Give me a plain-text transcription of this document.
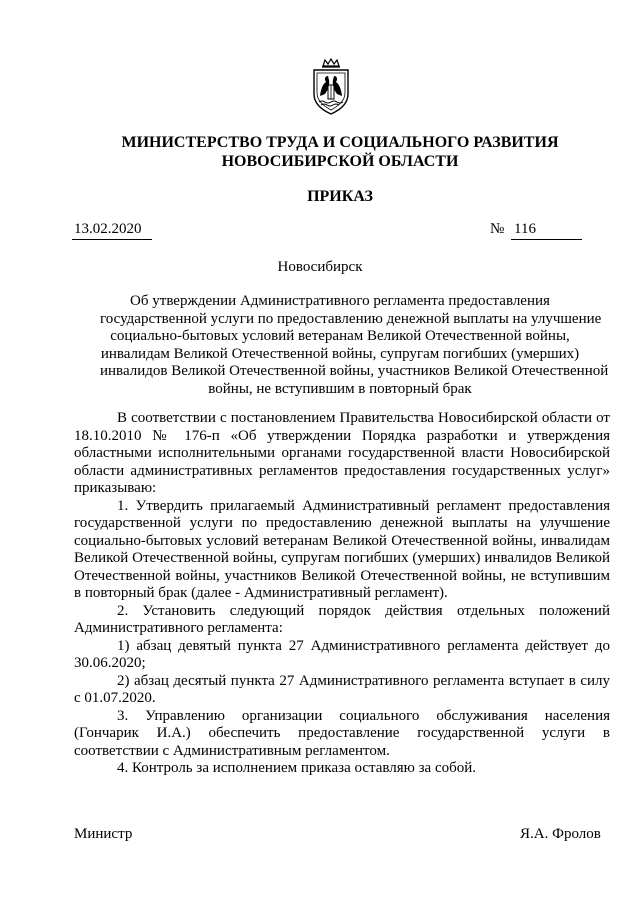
МИНИСТЕРСТВО ТРУДА И СОЦИАЛЬНОГО РАЗВИТИЯ
НОВОСИБИРСКОЙ ОБЛАСТИ
ПРИКАЗ
13.02.2020	№ 116
Новосибирск
Об утверждении Административного регламента предоставления
государственной услуги по предоставлению денежной выплаты на улучшение
социально-бытовых условий ветеранам Великой Отечественной войны,
инвалидам Великой Отечественной войны, супругам погибших (умерших)
инвалидов Великой Отечественной войны, участников Великой Отечественной
войны, не вступившим в повторный брак

В соответствии с постановлением Правительства Новосибирской области от 18.10.2010 № 176-п «Об утверждении Порядка разработки и утверждения областными исполнительными органами государственной власти Новосибирской области административных регламентов предоставления государственных услуг» приказываю:

1. Утвердить прилагаемый Административный регламент предоставления государственной услуги по предоставлению денежной выплаты на улучшение социально-бытовых условий ветеранам Великой Отечественной войны, инвалидам Великой Отечественной войны, супругам погибших (умерших) инвалидов Великой Отечественной войны, участников Великой Отечественной войны, не вступившим в повторный брак (далее - Административный регламент).

2. Установить следующий порядок действия отдельных положений Административного регламента:

1) абзац девятый пункта 27 Административного регламента действует до 30.06.2020;

2) абзац десятый пункта 27 Административного регламента вступает в силу с 01.07.2020.

3. Управлению организации социального обслуживания населения (Гончарик И.А.) обеспечить предоставление государственной услуги в соответствии с Административным регламентом.

4. Контроль за исполнением приказа оставляю за собой.

Министр	Я.А. Фролов
